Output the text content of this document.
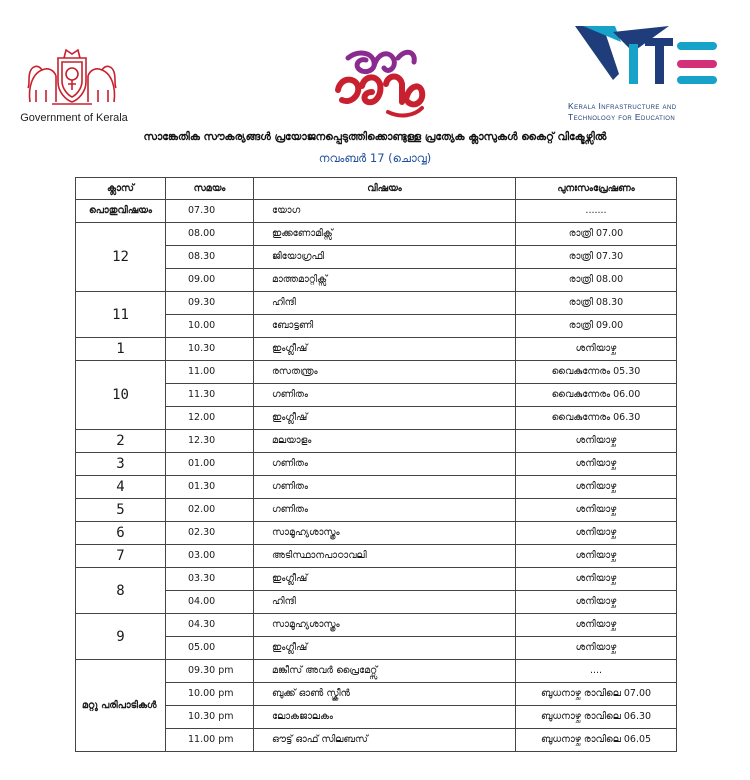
Government of Kerala
Kerala Infrastructure and
Technology for Education
സാങ്കേതിക സൗകര്യങ്ങൾ പ്രയോജനപ്പെടുത്തിക്കൊണ്ടുള്ള പ്രത്യേക ക്ലാസുകൾ കൈറ്റ് വിക്ടേഴ്സിൽ
നവംബർ 17 (ചൊവ്വ)
ക്ലാസ്	സമയം	വിഷയം	പുനഃസംപ്രേഷണം
പൊതുവിഷയം	07.30	യോഗ	.......
12	08.00	ഇക്കണോമിക്സ്	രാത്രി 07.00
	08.30	ജിയോഗ്രഫി	രാത്രി 07.30
	09.00	മാത്തമാറ്റിക്സ്	രാത്രി 08.00
11	09.30	ഹിന്ദി	രാത്രി 08.30
	10.00	ബോട്ടണി	രാത്രി 09.00
1	10.30	ഇംഗ്ലീഷ്	ശനിയാഴ്ച
10	11.00	രസതന്ത്രം	വൈകുന്നേരം 05.30
	11.30	ഗണിതം	വൈകുന്നേരം 06.00
	12.00	ഇംഗ്ലീഷ്	വൈകുന്നേരം 06.30
2	12.30	മലയാളം	ശനിയാഴ്ച
3	01.00	ഗണിതം	ശനിയാഴ്ച
4	01.30	ഗണിതം	ശനിയാഴ്ച
5	02.00	ഗണിതം	ശനിയാഴ്ച
6	02.30	സാമൂഹ്യശാസ്ത്രം	ശനിയാഴ്ച
7	03.00	അടിസ്ഥാനപാഠാവലി	ശനിയാഴ്ച
8	03.30	ഇംഗ്ലീഷ്	ശനിയാഴ്ച
	04.00	ഹിന്ദി	ശനിയാഴ്ച
9	04.30	സാമൂഹ്യശാസ്ത്രം	ശനിയാഴ്ച
	05.00	ഇംഗ്ലീഷ്	ശനിയാഴ്ച
മറ്റു പരിപാടികൾ	09.30 pm	മങ്കീസ് അവർ പ്രൈമേറ്റ്സ്	....
	10.00 pm	ബുക്ക് ഓൺ സ്ക്രീൻ	ബുധനാഴ്ച രാവിലെ 07.00
	10.30 pm	ലോകജാലകം	ബുധനാഴ്ച രാവിലെ 06.30
	11.00 pm	ഔട്ട് ഓഫ് സിലബസ്	ബുധനാഴ്ച രാവിലെ 06.05
